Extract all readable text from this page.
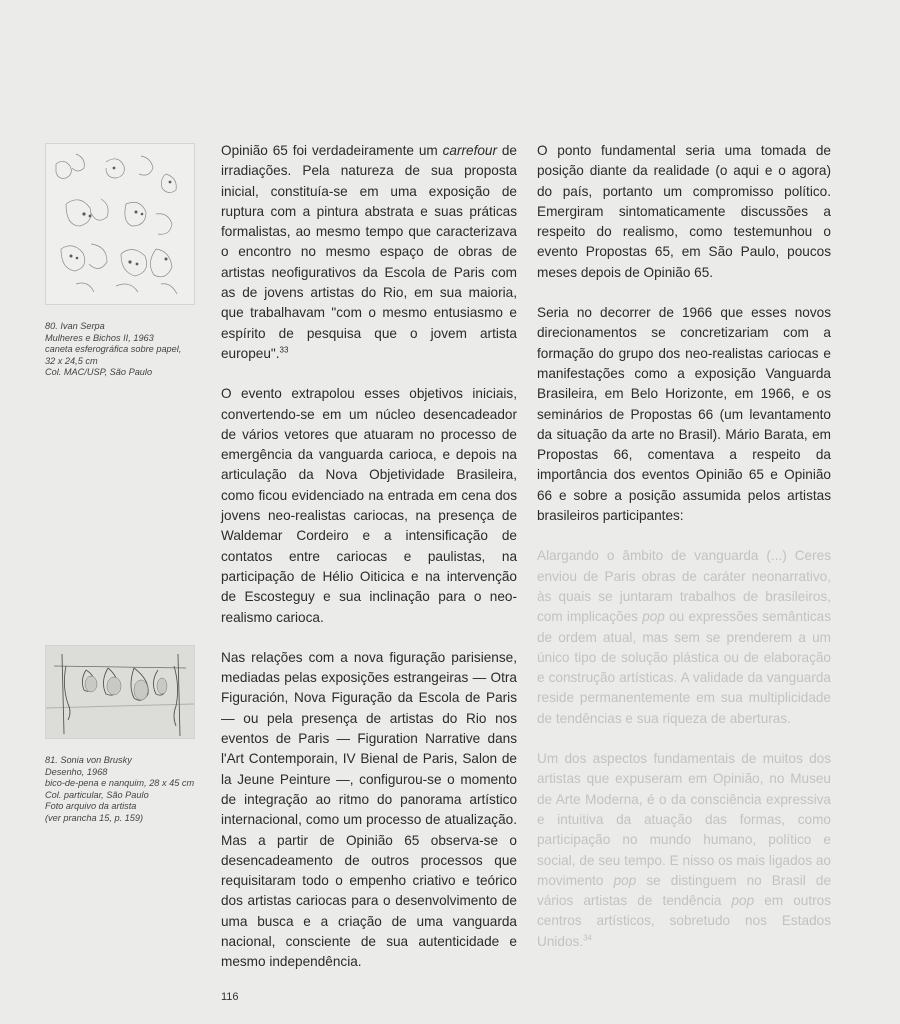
80. Ivan Serpa
Mulheres e Bichos II, 1963
caneta esferográfica sobre papel,
32 x 24,5 cm
Col. MAC/USP, São Paulo
81. Sonia von Brusky
Desenho, 1968
bico-de-pena e nanquim, 28 x 45 cm
Col. particular, São Paulo
Foto arquivo da artista
(ver prancha 15, p. 159)

Opinião 65 foi verdadeiramente um carrefour de irradiações. Pela natureza de sua proposta inicial, constituía-se em uma exposição de ruptura com a pintura abstrata e suas práticas formalistas, ao mesmo tempo que caracterizava o encontro no mesmo espaço de obras de artistas neofigurativos da Escola de Paris com as de jovens artistas do Rio, em sua maioria, que trabalhavam "com o mesmo entusiasmo e espírito de pesquisa que o jovem artista europeu".$^{33}$

O evento extrapolou esses objetivos iniciais, convertendo-se em um núcleo desencadeador de vários vetores que atuaram no processo de emergência da vanguarda carioca, e depois na articulação da Nova Objetividade Brasileira, como ficou evidenciado na entrada em cena dos jovens neo-realistas cariocas, na presença de Waldemar Cordeiro e a intensificação de contatos entre cariocas e paulistas, na participação de Hélio Oiticica e na intervenção de Escosteguy e sua inclinação para o neo-realismo carioca.

Nas relações com a nova figuração parisiense, mediadas pelas exposições estrangeiras — Otra Figuración, Nova Figuração da Escola de Paris — ou pela presença de artistas do Rio nos eventos de Paris — Figuration Narrative dans l'Art Contemporain, IV Bienal de Paris, Salon de la Jeune Peinture —, configurou-se o momento de integração ao ritmo do panorama artístico internacional, como um processo de atualização. Mas a partir de Opinião 65 observa-se o desencadeamento de outros processos que requisitaram todo o empenho criativo e teórico dos artistas cariocas para o desenvolvimento de uma busca e a criação de uma vanguarda nacional, consciente de sua autenticidade e mesmo independência.

O ponto fundamental seria uma tomada de posição diante da realidade (o aqui e o agora) do país, portanto um compromisso político. Emergiram sintomaticamente discussões a respeito do realismo, como testemunhou o evento Propostas 65, em São Paulo, poucos meses depois de Opinião 65.

Seria no decorrer de 1966 que esses novos direcionamentos se concretizariam com a formação do grupo dos neo-realistas cariocas e manifestações como a exposição Vanguarda Brasileira, em Belo Horizonte, em 1966, e os seminários de Propostas 66 (um levantamento da situação da arte no Brasil). Mário Barata, em Propostas 66, comentava a respeito da importância dos eventos Opinião 65 e Opinião 66 e sobre a posição assumida pelos artistas brasileiros participantes:

Alargando o âmbito de vanguarda (...) Ceres enviou de Paris obras de caráter neonarrativo, às quais se juntaram trabalhos de brasileiros, com implicações pop ou expressões semânticas de ordem atual, mas sem se prenderem a um único tipo de solução plástica ou de elaboração e construção artísticas. A validade da vanguarda reside permanentemente em sua multiplicidade de tendências e sua riqueza de aberturas.

Um dos aspectos fundamentais de muitos dos artistas que expuseram em Opinião, no Museu de Arte Moderna, é o da consciência expressiva e intuitiva da atuação das formas, como participação no mundo humano, político e social, de seu tempo. E nisso os mais ligados ao movimento pop se distinguem no Brasil de vários artistas de tendência pop em outros centros artísticos, sobretudo nos Estados Unidos.$^{34}$

116
